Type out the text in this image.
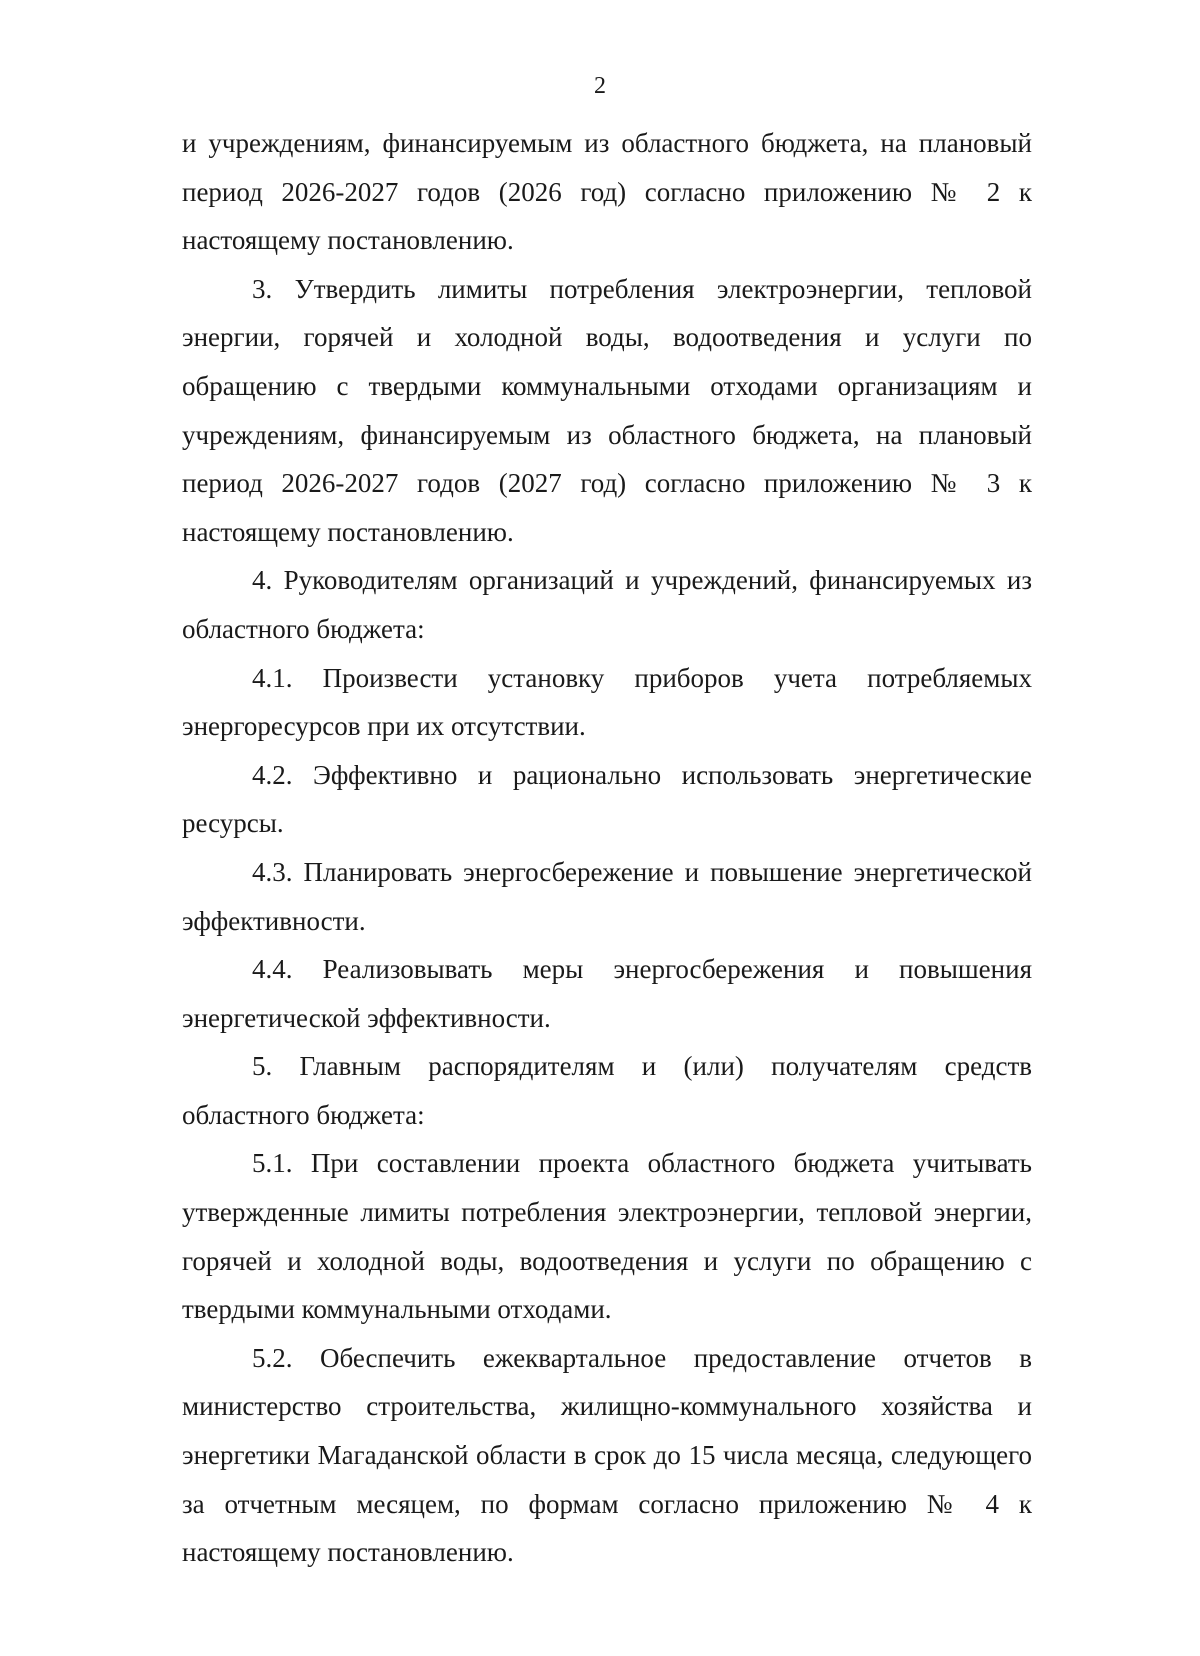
2

и учреждениям, финансируемым из областного бюджета, на плановый период 2026-2027 годов (2026 год) согласно приложению № 2 к настоящему постановлению.

3. Утвердить лимиты потребления электроэнергии, тепловой энергии, горячей и холодной воды, водоотведения и услуги по обращению с твердыми коммунальными отходами организациям и учреждениям, финансируемым из областного бюджета, на плановый период 2026-2027 годов (2027 год) согласно приложению № 3 к настоящему постановлению.

4. Руководителям организаций и учреждений, финансируемых из областного бюджета:

4.1. Произвести установку приборов учета потребляемых энергоресурсов при их отсутствии.

4.2. Эффективно и рационально использовать энергетические ресурсы.

4.3. Планировать энергосбережение и повышение энергетической эффективности.

4.4. Реализовывать меры энергосбережения и повышения энергетической эффективности.

5. Главным распорядителям и (или) получателям средств областного бюджета:

5.1. При составлении проекта областного бюджета учитывать утвержденные лимиты потребления электроэнергии, тепловой энергии, горячей и холодной воды, водоотведения и услуги по обращению с твердыми коммунальными отходами.

5.2. Обеспечить ежеквартальное предоставление отчетов в министерство строительства, жилищно-коммунального хозяйства и энергетики Магаданской области в срок до 15 числа месяца, следующего за отчетным месяцем, по формам согласно приложению № 4 к настоящему постановлению.
